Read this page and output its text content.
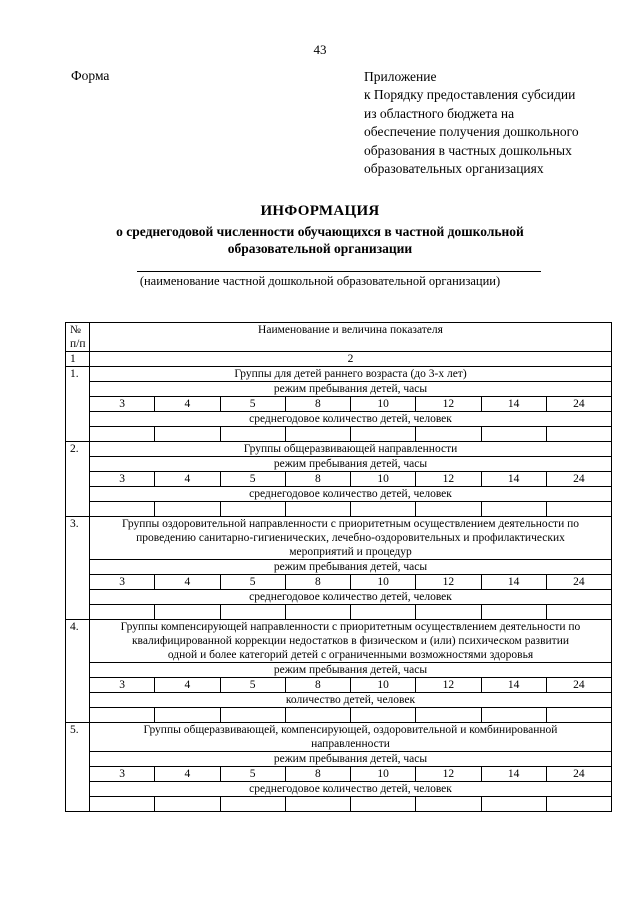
43
Форма	Приложение
к Порядку предоставления субсидии
из областного бюджета на
обеспечение получения дошкольного
образования в частных дошкольных
образовательных организациях
ИНФОРМАЦИЯ
о среднегодовой численности обучающихся в частной дошкольной
образовательной организации
(наименование частной дошкольной образовательной организации)
№
п/п	Наименование и величина показателя							
1	2							
1.	Группы для детей раннего возраста (до 3-х лет)							

	режим пребывания детей, часы							
	3	4	5	8	10	12	14	24
	среднегодовое количество детей, человек							

2.	Группы общеразвивающей направленности							

	режим пребывания детей, часы							
	3	4	5	8	10	12	14	24
	среднегодовое количество детей, человек							

3.	Группы оздоровительной направленности с приоритетным осуществлением деятельности по
проведению санитарно-гигиенических, лечебно-оздоровительных и профилактических
мероприятий и процедур							

	режим пребывания детей, часы							
	3	4	5	8	10	12	14	24
	среднегодовое количество детей, человек							

4.	Группы компенсирующей направленности с приоритетным осуществлением деятельности по
квалифицированной коррекции недостатков в физическом и (или) психическом развитии
одной и более категорий детей с ограниченными возможностями здоровья							

	режим пребывания детей, часы							
	3	4	5	8	10	12	14	24
	количество детей, человек							

5.	Группы общеразвивающей, компенсирующей, оздоровительной и комбинированной
направленности							

	режим пребывания детей, часы							
	3	4	5	8	10	12	14	24
	среднегодовое количество детей, человек							
